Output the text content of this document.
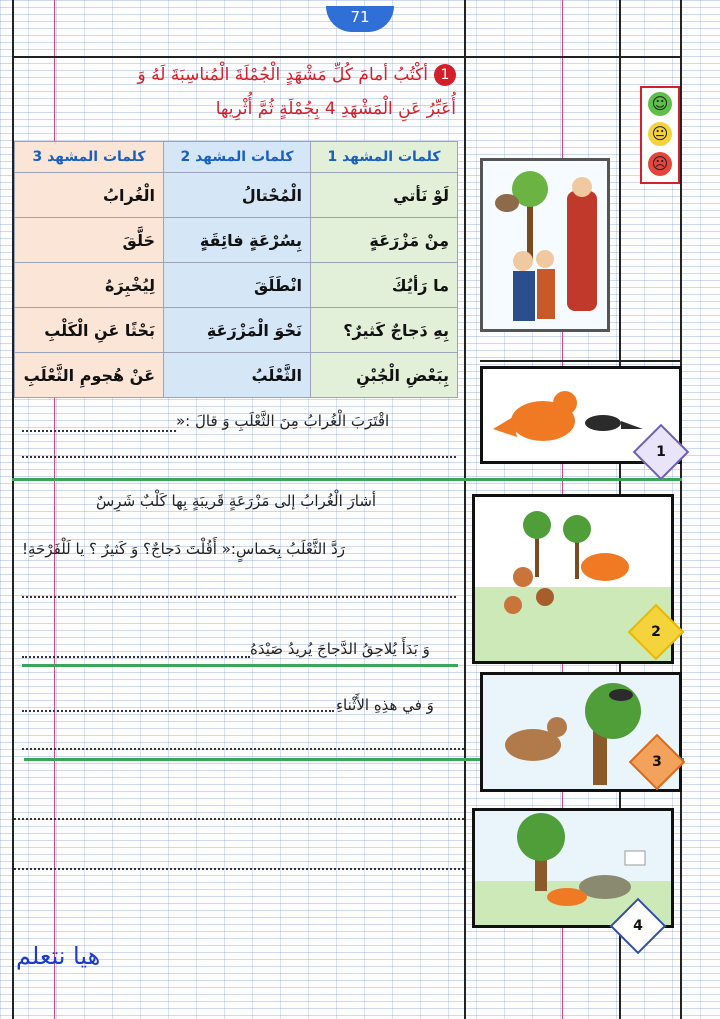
71
1أكْتُبُ أمامَ كُلِّ مَشْهَدٍ الْجُمْلَةَ الْمُناسِبَةَ لَهُ وَ
أُعَبِّرُ عَنِ الْمَشْهَدِ 4 بِجُمْلَةٍ ثُمَّ أُثْرِيها	☺
😐
☹
كلمات المشهد 1	كلمات المشهد 2	كلمات المشهد 3
لَوْ نَأتي	الْمُحْتالُ	الْغُرابُ
مِنْ مَزْرَعَةٍ	بِسُرْعَةٍ فائِقَةٍ	حَلَّقَ
ما رَأيُكَ	انْطَلَقَ	لِيُخْبِرَهُ
بِهِ دَجاجٌ كَثيرٌ؟	نَحْوَ الْمَزْرَعَةِ	بَحْثًا عَنِ الْكَلْبِ
بِبَعْضِ الْجُبْنِ	الثَّعْلَبُ	عَنْ هُجومِ الثَّعْلَبِ
اقْتَرَبَ الْغُرابُ مِنَ الثَّعْلَبِ وَ قالَ :«
أشارَ الْغُرابُ إلى مَزْرَعَةٍ قَريبَةٍ بِها كَلْبٌ شَرِسٌ
رَدَّ الثَّعْلَبُ بِحَماسٍ:« أَقُلْتَ دَجاجٌ؟ وَ كَثيرٌ ؟ يا لَلْفَرْحَةِ!
وَ بَدَأَ يُلاحِقُ الدَّجاجَ يُريدُ صَيْدَهُ
وَ في هذِهِ الأَثْناءِ
1
2
3
4
هيا نتعلم
